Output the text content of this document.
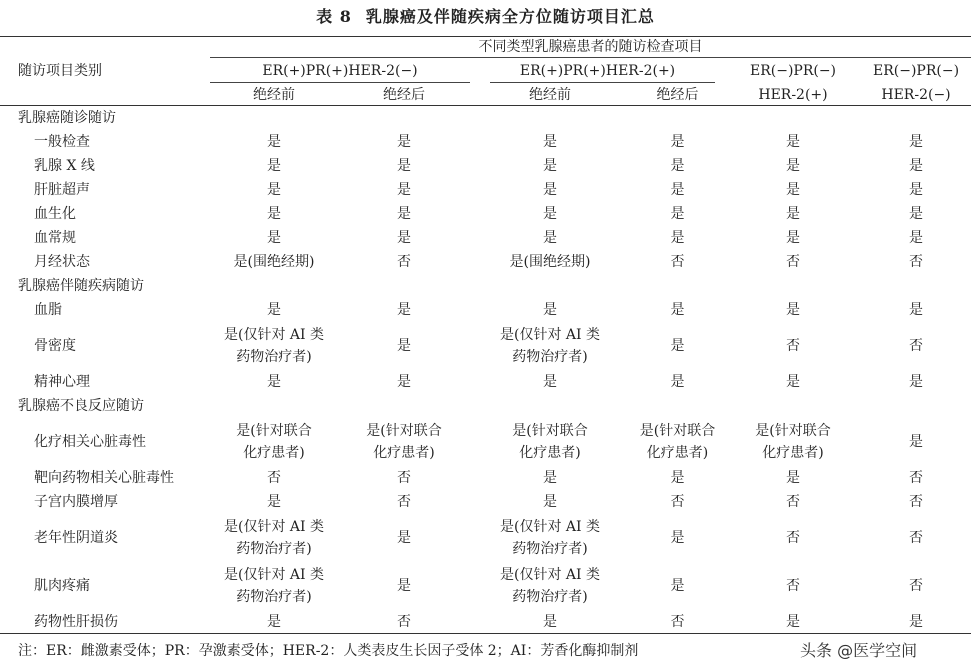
表 8 乳腺癌及伴随疾病全方位随访项目汇总
随访项目类别	不同类型乳腺癌患者的随访检查项目					
	ER(+)PR(+)HER-2(−)		ER(+)PR(+)HER-2(+)		ER(−)PR(−)	ER(−)PR(−)
	绝经前	绝经后	绝经前	绝经后	HER-2(+)	HER-2(−)
乳腺癌随诊随访						
一般检查	是	是	是	是	是	是
乳腺 X 线	是	是	是	是	是	是
肝脏超声	是	是	是	是	是	是
血生化	是	是	是	是	是	是
血常规	是	是	是	是	是	是
月经状态	是(围绝经期)	否	是(围绝经期)	否	否	否
乳腺癌伴随疾病随访						
血脂	是	是	是	是	是	是
骨密度	是(仅针对 AI 类
药物治疗者)	是	是(仅针对 AI 类
药物治疗者)	是	否	否
精神心理	是	是	是	是	是	是
乳腺癌不良反应随访						
化疗相关心脏毒性	是(针对联合
化疗患者)	是(针对联合
化疗患者)	是(针对联合
化疗患者)	是(针对联合
化疗患者)	是(针对联合
化疗患者)	是
靶向药物相关心脏毒性	否	否	是	是	是	否
子宫内膜增厚	是	否	是	否	否	否
老年性阴道炎	是(仅针对 AI 类
药物治疗者)	是	是(仅针对 AI 类
药物治疗者)	是	否	否
肌肉疼痛	是(仅针对 AI 类
药物治疗者)	是	是(仅针对 AI 类
药物治疗者)	是	否	否
药物性肝损伤	是	否	是	否	是	是
注：ER：雌激素受体；PR：孕激素受体；HER-2：人类表皮生长因子受体 2；AI：芳香化酶抑制剂	头条 @医学空间
